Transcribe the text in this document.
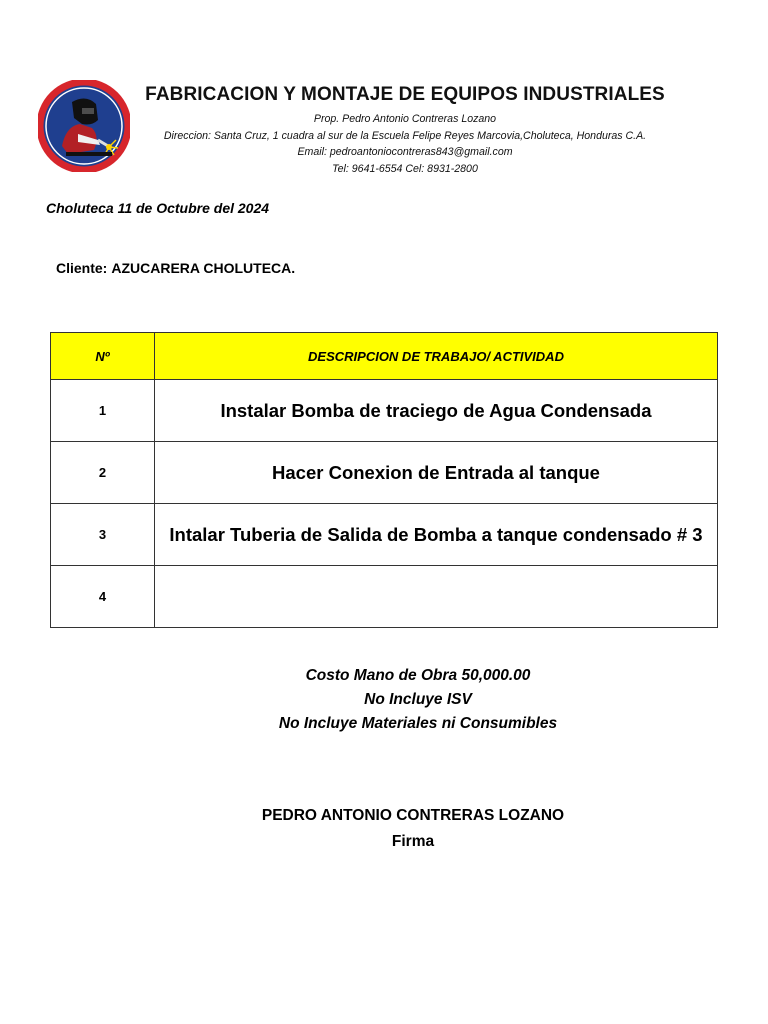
FABRICACION Y MONTAJE DE EQUIPOS INDUSTRIALES
Prop. Pedro Antonio Contreras Lozano
Direccion: Santa Cruz, 1 cuadra al sur de la Escuela Felipe Reyes Marcovia,Choluteca, Honduras C.A.
Email: pedroantoniocontreras843@gmail.com
Tel: 9641-6554 Cel: 8931-2800
Choluteca 11 de Octubre del 2024
Cliente: AZUCARERA CHOLUTECA.
Nº	DESCRIPCION DE TRABAJO/ ACTIVIDAD
1	Instalar Bomba de traciego de Agua Condensada
2	Hacer Conexion de Entrada al tanque
3	Intalar Tuberia de Salida de Bomba a tanque condensado # 3
4	
Costo Mano de Obra 50,000.00
No Incluye ISV
No Incluye Materiales ni Consumibles
PEDRO ANTONIO CONTRERAS LOZANO
Firma
